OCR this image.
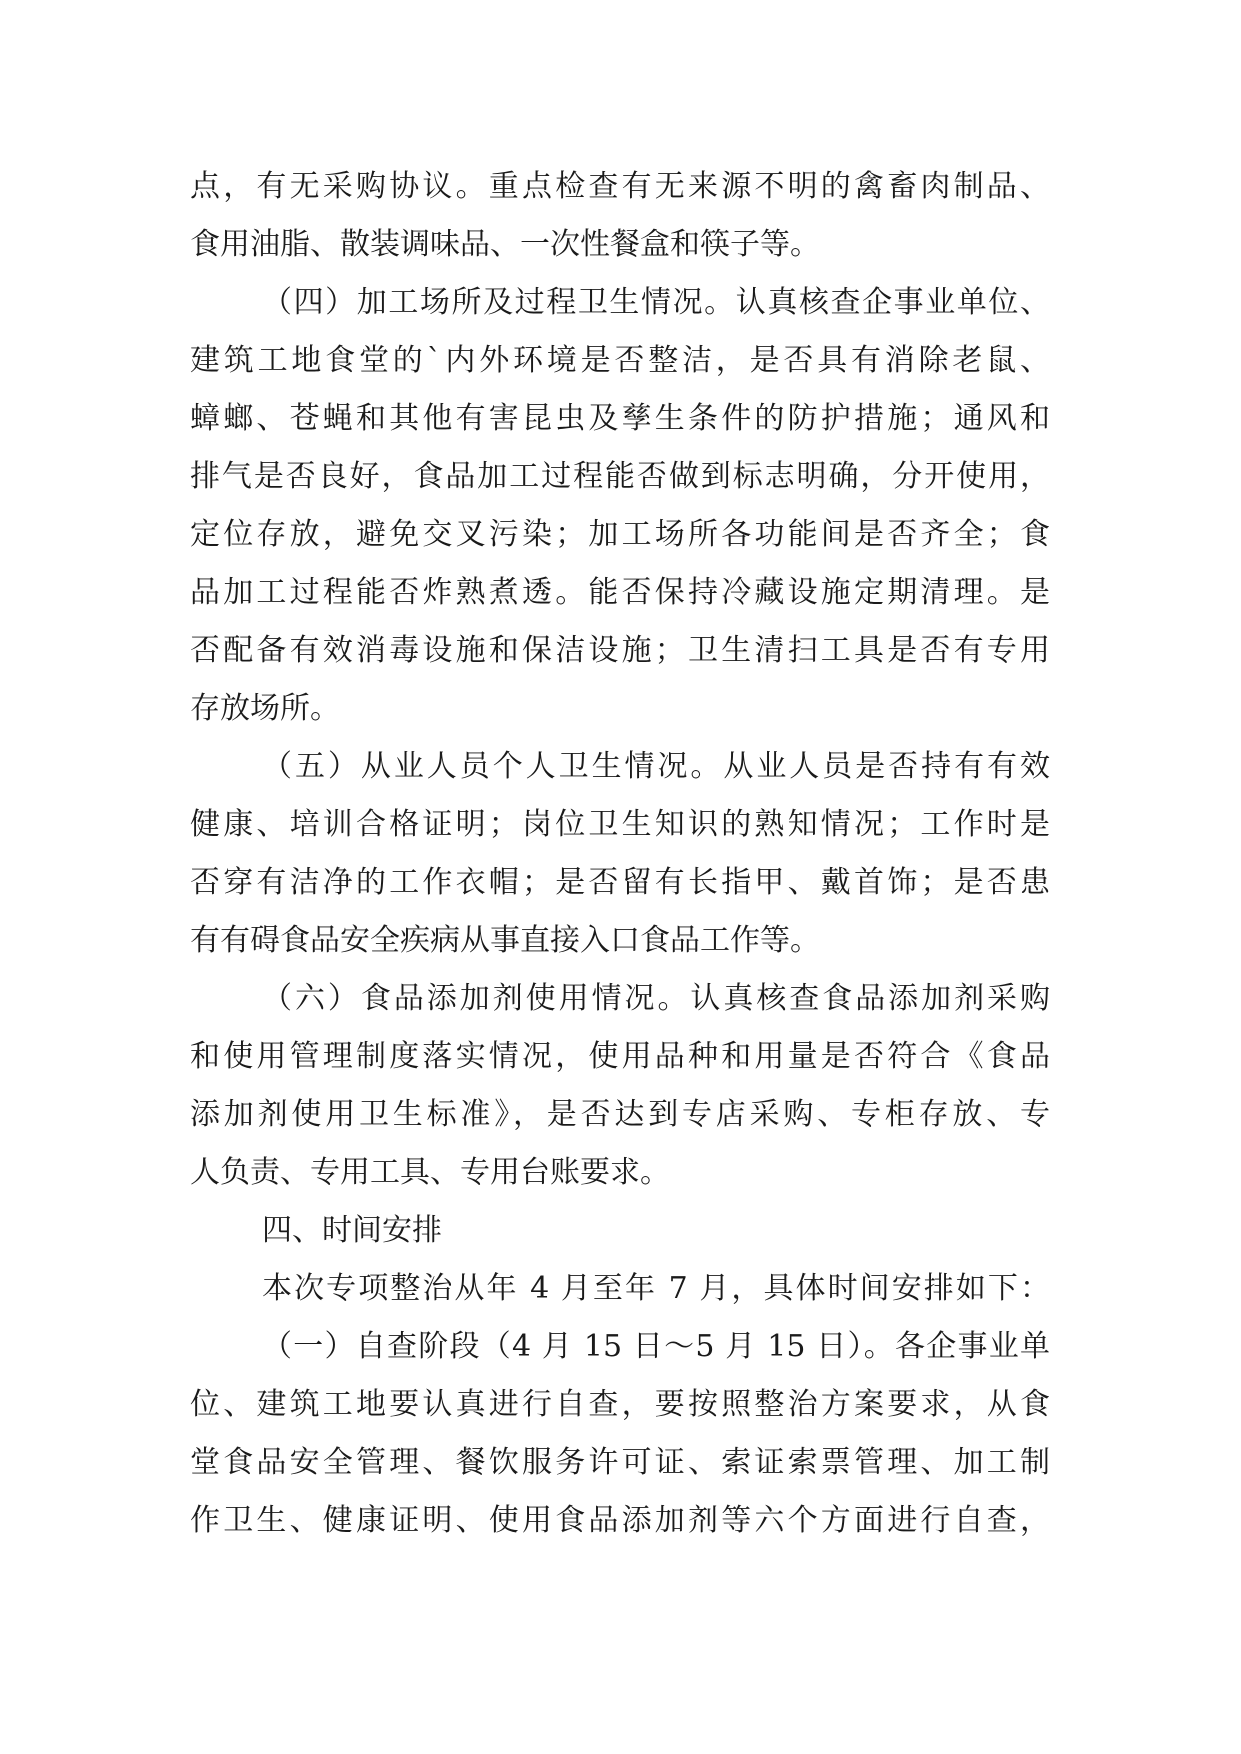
点，有无采购协议。重点检查有无来源不明的禽畜肉制品、
食用油脂、散装调味品、一次性餐盒和筷子等。
（四）加工场所及过程卫生情况。认真核查企事业单位、
建筑工地食堂的`内外环境是否整洁，是否具有消除老鼠、
蟑螂、苍蝇和其他有害昆虫及孳生条件的防护措施；通风和
排气是否良好，食品加工过程能否做到标志明确，分开使用，
定位存放，避免交叉污染；加工场所各功能间是否齐全；食
品加工过程能否炸熟煮透。能否保持冷藏设施定期清理。是
否配备有效消毒设施和保洁设施；卫生清扫工具是否有专用
存放场所。
（五）从业人员个人卫生情况。从业人员是否持有有效
健康、培训合格证明；岗位卫生知识的熟知情况；工作时是
否穿有洁净的工作衣帽；是否留有长指甲、戴首饰；是否患
有有碍食品安全疾病从事直接入口食品工作等。
（六）食品添加剂使用情况。认真核查食品添加剂采购
和使用管理制度落实情况，使用品种和用量是否符合《食品
添加剂使用卫生标准》，是否达到专店采购、专柜存放、专
人负责、专用工具、专用台账要求。
四、时间安排
本次专项整治从年 4 月至年 7 月，具体时间安排如下：
（一）自查阶段（4 月 15 日～5 月 15 日）。各企事业单
位、建筑工地要认真进行自查，要按照整治方案要求，从食
堂食品安全管理、餐饮服务许可证、索证索票管理、加工制
作卫生、健康证明、使用食品添加剂等六个方面进行自查，
